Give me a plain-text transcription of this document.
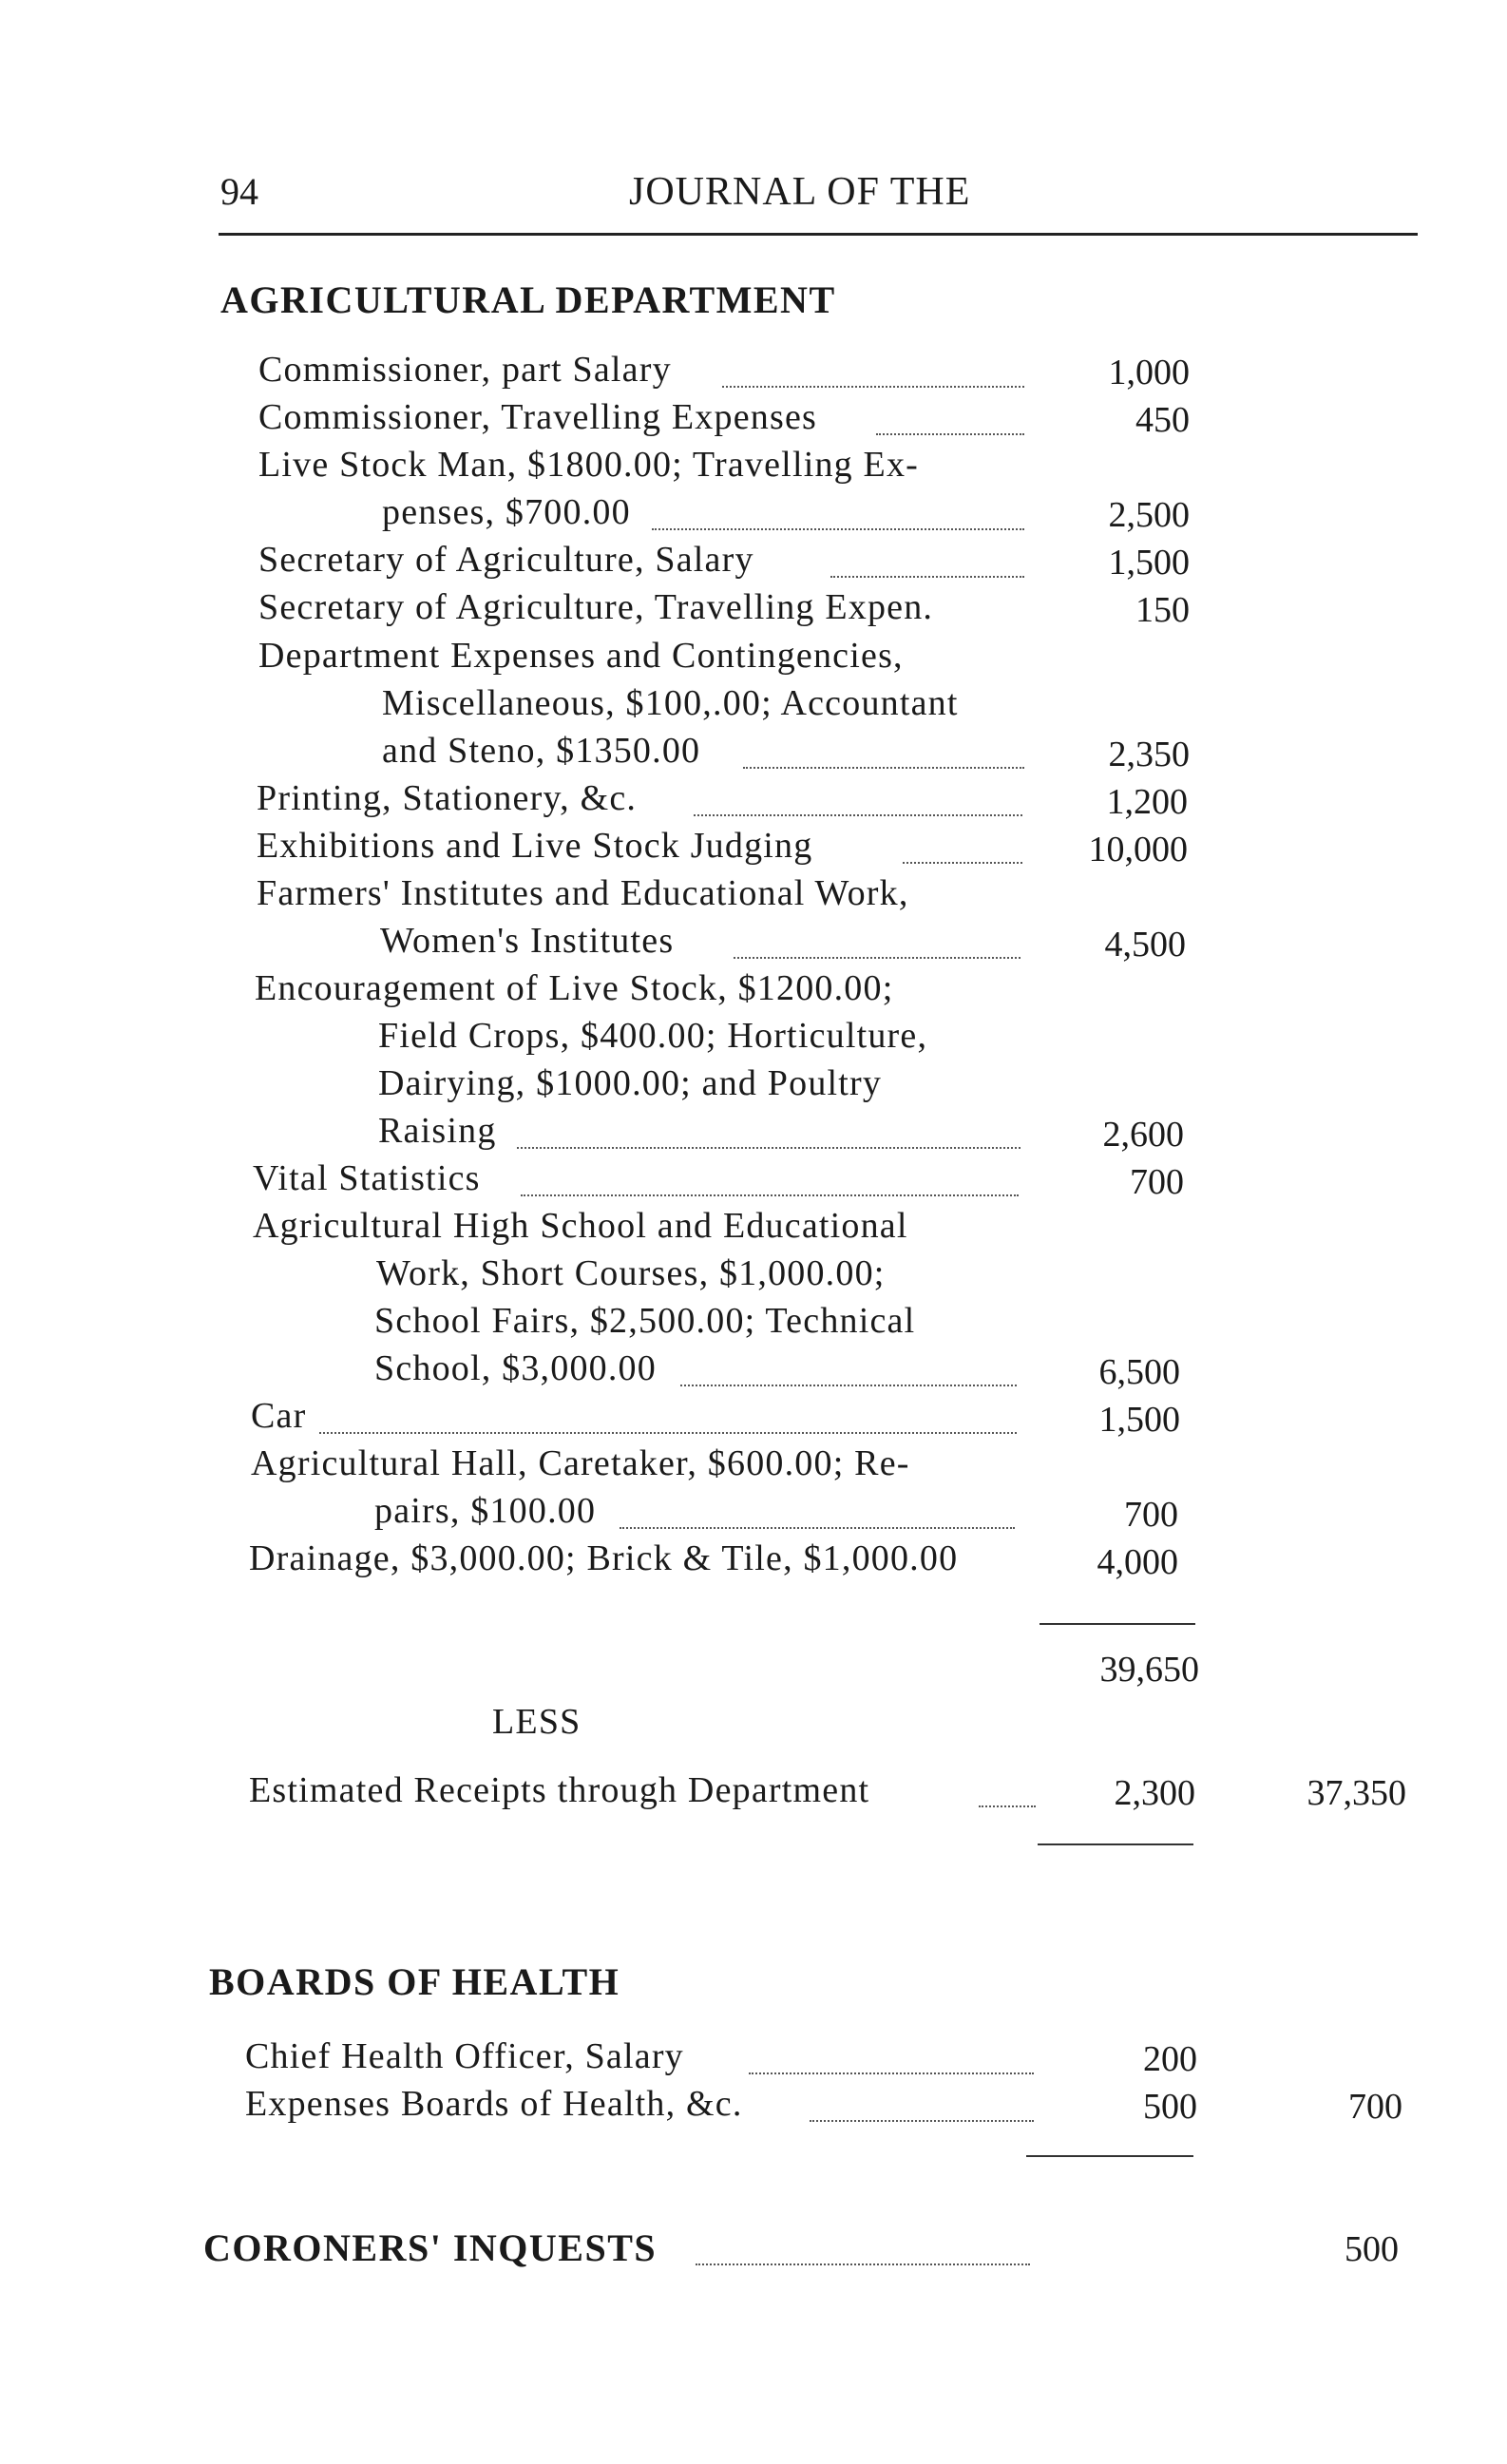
94	JOURNAL OF THE
AGRICULTURAL DEPARTMENT
Commissioner, part Salary	1,000
Commissioner, Travelling Expenses	450
Live Stock Man, $1800.00; Travelling Ex-
penses, $700.00	2,500
Secretary of Agriculture, Salary	1,500
Secretary of Agriculture, Travelling Expen.	150
Department Expenses and Contingencies,
Miscellaneous, $100,.00; Accountant
and Steno, $1350.00	2,350
Printing, Stationery, &c.	1,200
Exhibitions and Live Stock Judging	10,000
Farmers' Institutes and Educational Work,
Women's Institutes	4,500
Encouragement of Live Stock, $1200.00;
Field Crops, $400.00; Horticulture,
Dairying, $1000.00; and Poultry
Raising	2,600
Vital Statistics	700
Agricultural High School and Educational
Work, Short Courses, $1,000.00;
School Fairs, $2,500.00; Technical
School, $3,000.00	6,500
Car	1,500
Agricultural Hall, Caretaker, $600.00; Re-
pairs, $100.00	700
Drainage, $3,000.00; Brick & Tile, $1,000.00	4,000
39,650
LESS
Estimated Receipts through Department	2,300	37,350
BOARDS OF HEALTH
Chief Health Officer, Salary	200
Expenses Boards of Health, &c.	500	700
CORONERS' INQUESTS	500
